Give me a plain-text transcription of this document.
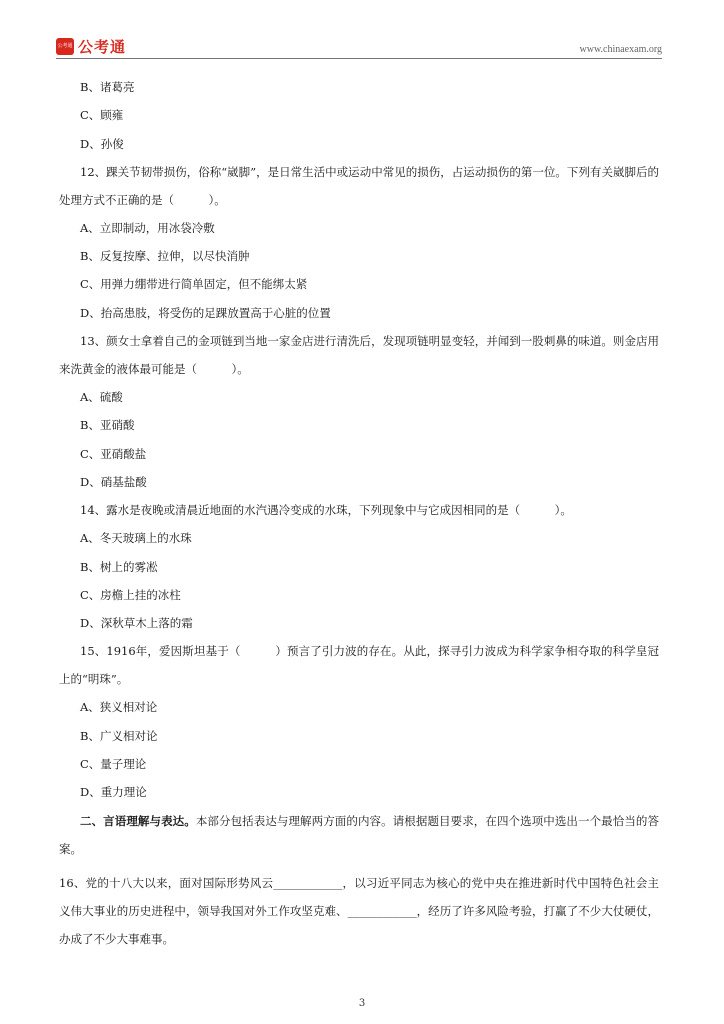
公考通 公考通	www.chinaexam.org
B、诸葛亮
C、顾雍
D、孙俊
12、踝关节韧带损伤，俗称“崴脚”，是日常生活中或运动中常见的损伤，占运动损伤的第一位。下列有关崴脚后的处理方式不正确的是（　　　）。
A、立即制动，用冰袋冷敷
B、反复按摩、拉伸，以尽快消肿
C、用弹力绷带进行简单固定，但不能绑太紧
D、抬高患肢，将受伤的足踝放置高于心脏的位置
13、颜女士拿着自己的金项链到当地一家金店进行清洗后，发现项链明显变轻，并闻到一股刺鼻的味道。则金店用来洗黄金的液体最可能是（　　　）。
A、硫酸
B、亚硝酸
C、亚硝酸盐
D、硝基盐酸
14、露水是夜晚或清晨近地面的水汽遇冷变成的水珠，下列现象中与它成因相同的是（　　　）。
A、冬天玻璃上的水珠
B、树上的雾凇
C、房檐上挂的冰柱
D、深秋草木上落的霜
15、1916年，爱因斯坦基于（　　　）预言了引力波的存在。从此，探寻引力波成为科学家争相夺取的科学皇冠上的“明珠”。
A、狭义相对论
B、广义相对论
C、量子理论
D、重力理论
二、言语理解与表达。本部分包括表达与理解两方面的内容。请根据题目要求，在四个选项中选出一个最恰当的答案。
16、党的十八大以来，面对国际形势风云____________，以习近平同志为核心的党中央在推进新时代中国特色社会主义伟大事业的历史进程中，领导我国对外工作攻坚克难、____________，经历了许多风险考验，打赢了不少大仗硬仗，办成了不少大事难事。
3
